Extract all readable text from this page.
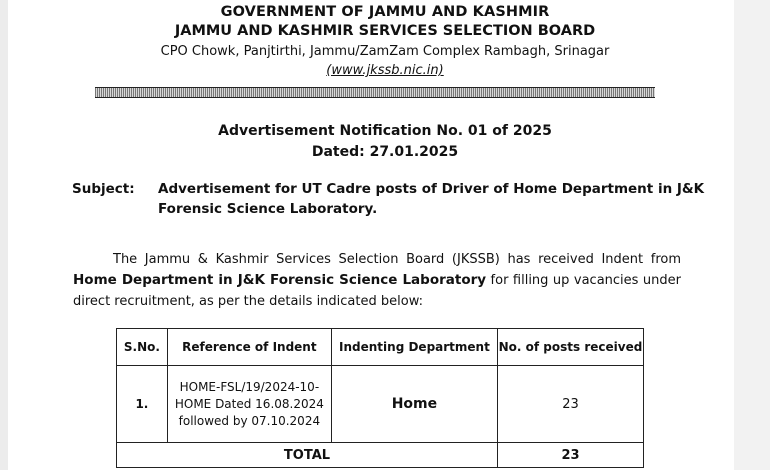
GOVERNMENT OF JAMMU AND KASHMIR
JAMMU AND KASHMIR SERVICES SELECTION BOARD
CPO Chowk, Panjtirthi, Jammu/ZamZam Complex Rambagh, Srinagar
(www.jkssb.nic.in)
Advertisement Notification No. 01 of 2025
Dated: 27.01.2025
Subject: Advertisement for UT Cadre posts of Driver of Home Department in J&K Forensic Science Laboratory.
The Jammu & Kashmir Services Selection Board (JKSSB) has received Indent from Home Department in J&K Forensic Science Laboratory for filling up vacancies under direct recruitment, as per the details indicated below:
S.No.	Reference of Indent	Indenting Department	No. of posts received
1.	HOME-FSL/19/2024-10-
HOME Dated 16.08.2024
followed by 07.10.2024	Home	23
TOTAL			23
